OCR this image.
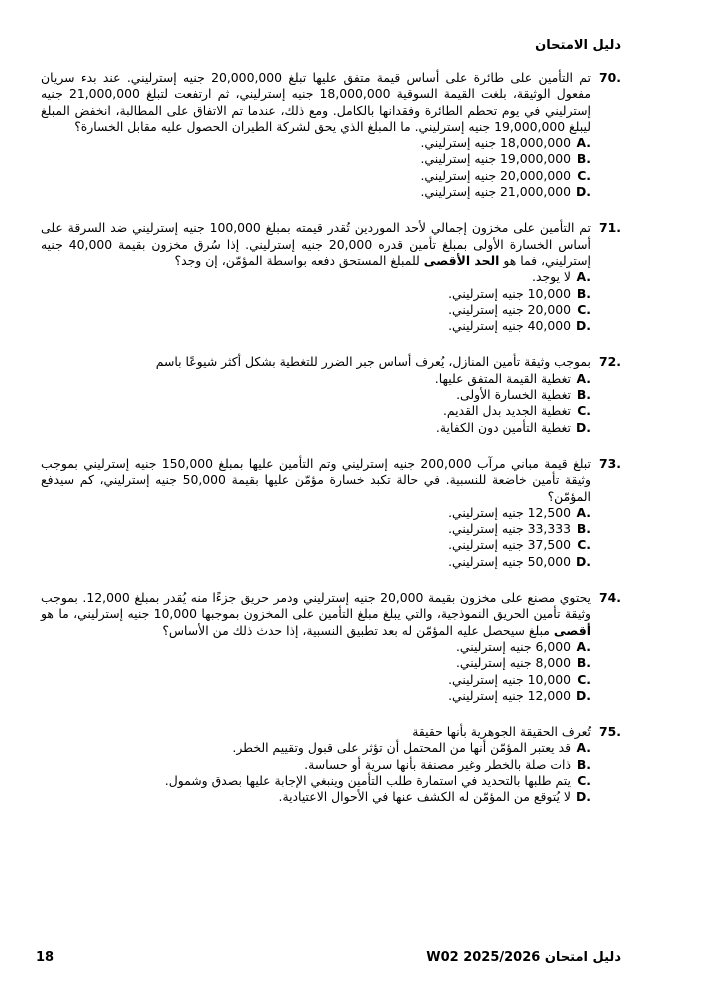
دليل الامتحان
70.

تم التأمين على طائرة على أساس قيمة متفق عليها تبلغ 20,000,000 جنيه إسترليني. عند بدء سريان مفعول الوثيقة، بلغت القيمة السوقية 18,000,000 جنيه إسترليني، ثم ارتفعت لتبلغ 21,000,000 جنيه إسترليني في يوم تحطم الطائرة وفقدانها بالكامل. ومع ذلك، عندما تم الاتفاق على المطالبة، انخفض المبلغ ليبلغ 19,000,000 جنيه إسترليني. ما المبلغ الذي يحق لشركة الطيران الحصول عليه مقابل الخسارة؟

A.
18,000,000 جنيه إسترليني.
B.
19,000,000 جنيه إسترليني.
C.
20,000,000 جنيه إسترليني.
D.
21,000,000 جنيه إسترليني.
71.

تم التأمين على مخزون إجمالي لأحد الموردين تُقدر قيمته بمبلغ 100,000 جنيه إسترليني ضد السرقة على أساس الخسارة الأولى بمبلغ تأمين قدره 20,000 جنيه إسترليني. إذا سُرق مخزون بقيمة 40,000 جنيه إسترليني، فما هو الحد الأقصى للمبلغ المستحق دفعه بواسطة المؤمّن، إن وجد؟

A.
لا يوجد.
B.
10,000 جنيه إسترليني.
C.
20,000 جنيه إسترليني.
D.
40,000 جنيه إسترليني.
72.

بموجب وثيقة تأمين المنازل، يُعرف أساس جبر الضرر للتغطية بشكل أكثر شيوعًا باسم

A.
تغطية القيمة المتفق عليها.
B.
تغطية الخسارة الأولى.
C.
تغطية الجديد بدل القديم.
D.
تغطية التأمين دون الكفاية.
73.

تبلغ قيمة مباني مرآب 200,000 جنيه إسترليني وتم التأمين عليها بمبلغ 150,000 جنيه إسترليني بموجب وثيقة تأمين خاضعة للنسبية. في حالة تكبد خسارة مؤمّن عليها بقيمة 50,000 جنيه إسترليني، كم سيدفع المؤمّن؟

A.
12,500 جنيه إسترليني.
B.
33,333 جنيه إسترليني.
C.
37,500 جنيه إسترليني.
D.
50,000 جنيه إسترليني.
74.

يحتوي مصنع على مخزون بقيمة 20,000 جنيه إسترليني ودمر حريق جزءًا منه يُقدر بمبلغ 12,000. بموجب وثيقة تأمين الحريق النموذجية، والتي يبلغ مبلغ التأمين على المخزون بموجبها 10,000 جنيه إسترليني، ما هو أقصى مبلغ سيحصل عليه المؤمّن له بعد تطبيق النسبية، إذا حدث ذلك من الأساس؟

A.
6,000 جنيه إسترليني.
B.
8,000 جنيه إسترليني.
C.
10,000 جنيه إسترليني.
D.
12,000 جنيه إسترليني.
75.

تُعرف الحقيقة الجوهرية بأنها حقيقة

A.
قد يعتبر المؤمّن أنها من المحتمل أن تؤثر على قبول وتقييم الخطر.
B.
ذات صلة بالخطر وغير مصنفة بأنها سرية أو حساسة.
C.
يتم طلبها بالتحديد في استمارة طلب التأمين وينبغي الإجابة عليها بصدق وشمول.
D.
لا يُتوقع من المؤمّن له الكشف عنها في الأحوال الاعتيادية.
18	دليل امتحان W02 2025/2026
